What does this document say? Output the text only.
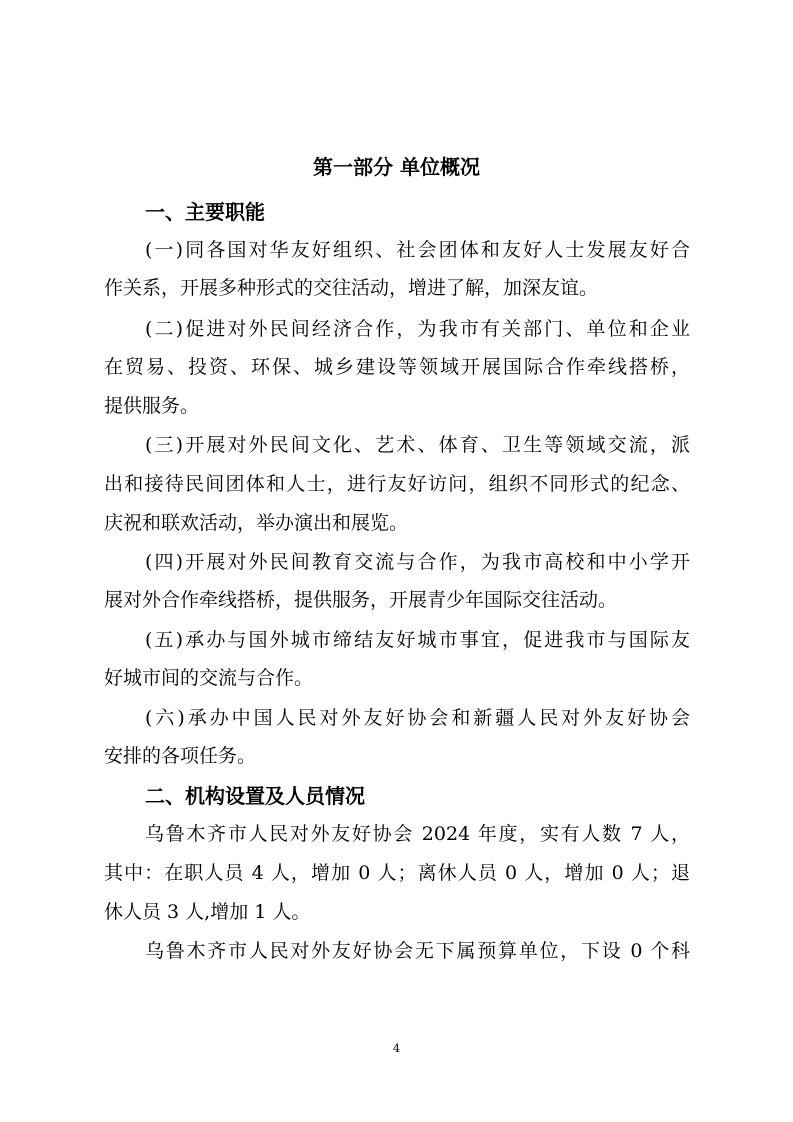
第一部分 单位概况
一、主要职能
(一)同各国对华友好组织、社会团体和友好人士发展友好合
作关系，开展多种形式的交往活动，增进了解，加深友谊。
(二)促进对外民间经济合作，为我市有关部门、单位和企业
在贸易、投资、环保、城乡建设等领域开展国际合作牵线搭桥，
提供服务。
(三)开展对外民间文化、艺术、体育、卫生等领域交流，派
出和接待民间团体和人士，进行友好访问，组织不同形式的纪念、
庆祝和联欢活动，举办演出和展览。
(四)开展对外民间教育交流与合作，为我市高校和中小学开
展对外合作牵线搭桥，提供服务，开展青少年国际交往活动。
(五)承办与国外城市缔结友好城市事宜，促进我市与国际友
好城市间的交流与合作。
(六)承办中国人民对外友好协会和新疆人民对外友好协会
安排的各项任务。
二、机构设置及人员情况
乌鲁木齐市人民对外友好协会 2024 年度，实有人数 7 人，
其中：在职人员 4 人，增加 0 人；离休人员 0 人，增加 0 人；退
休人员 3 人,增加 1 人。
乌鲁木齐市人民对外友好协会无下属预算单位，下设 0 个科
4
